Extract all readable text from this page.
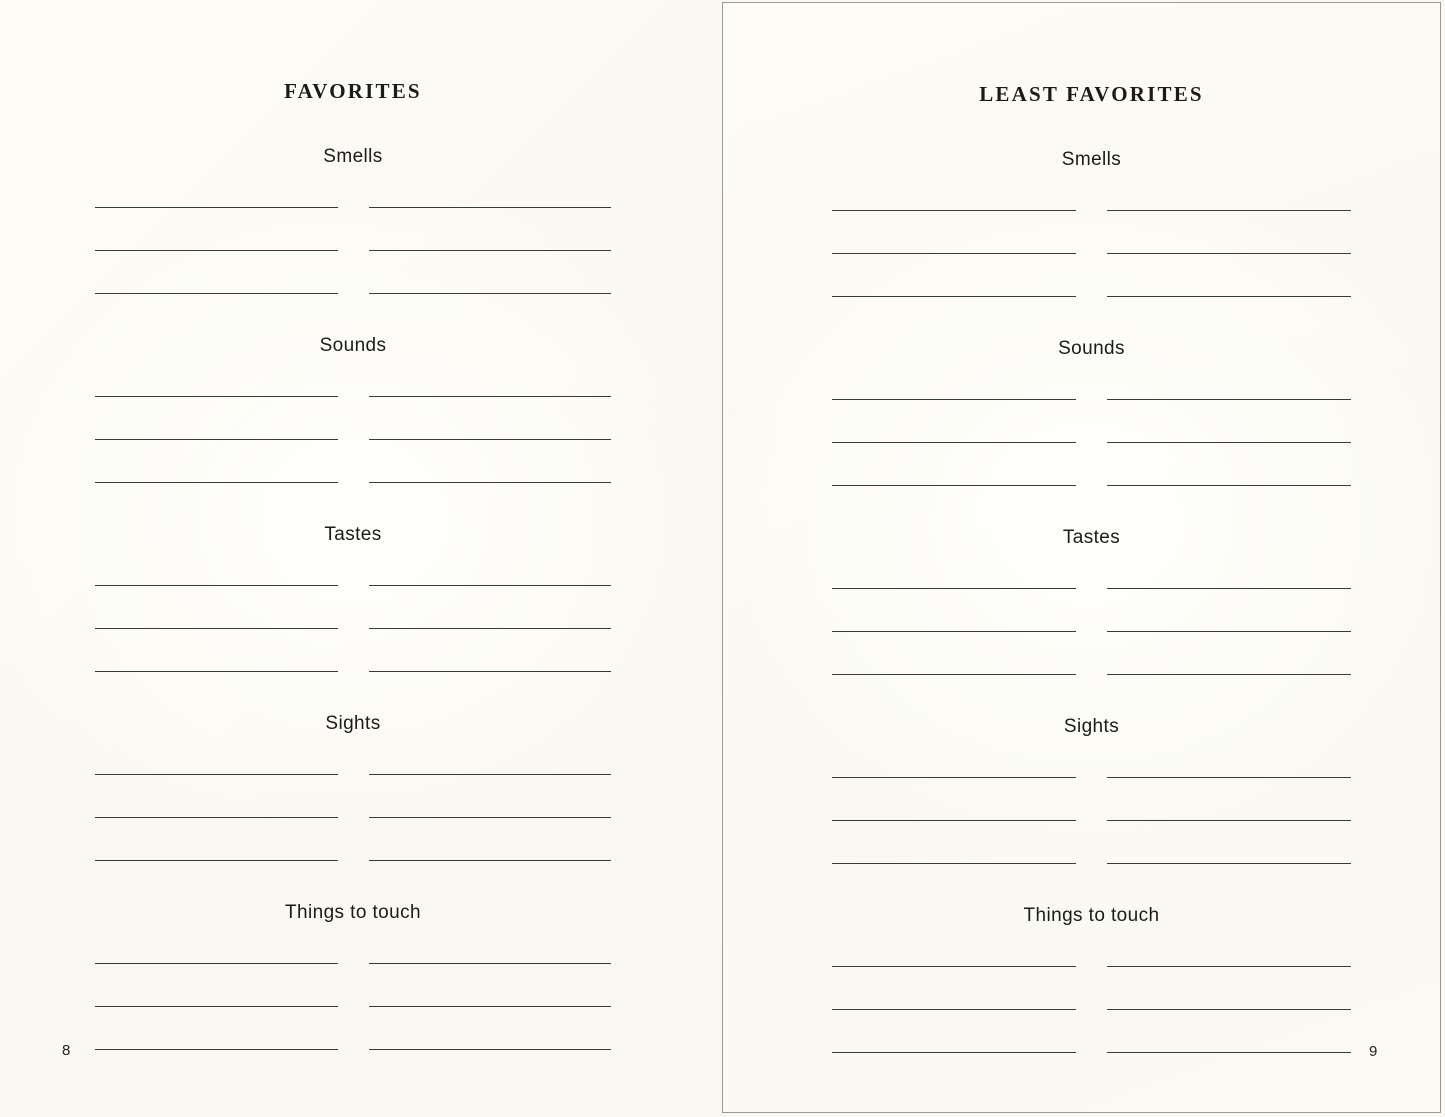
FAVORITES
Smells
Sounds
Tastes
Sights
Things to touch
8
LEAST FAVORITES
Smells
Sounds
Tastes
Sights
Things to touch
9
